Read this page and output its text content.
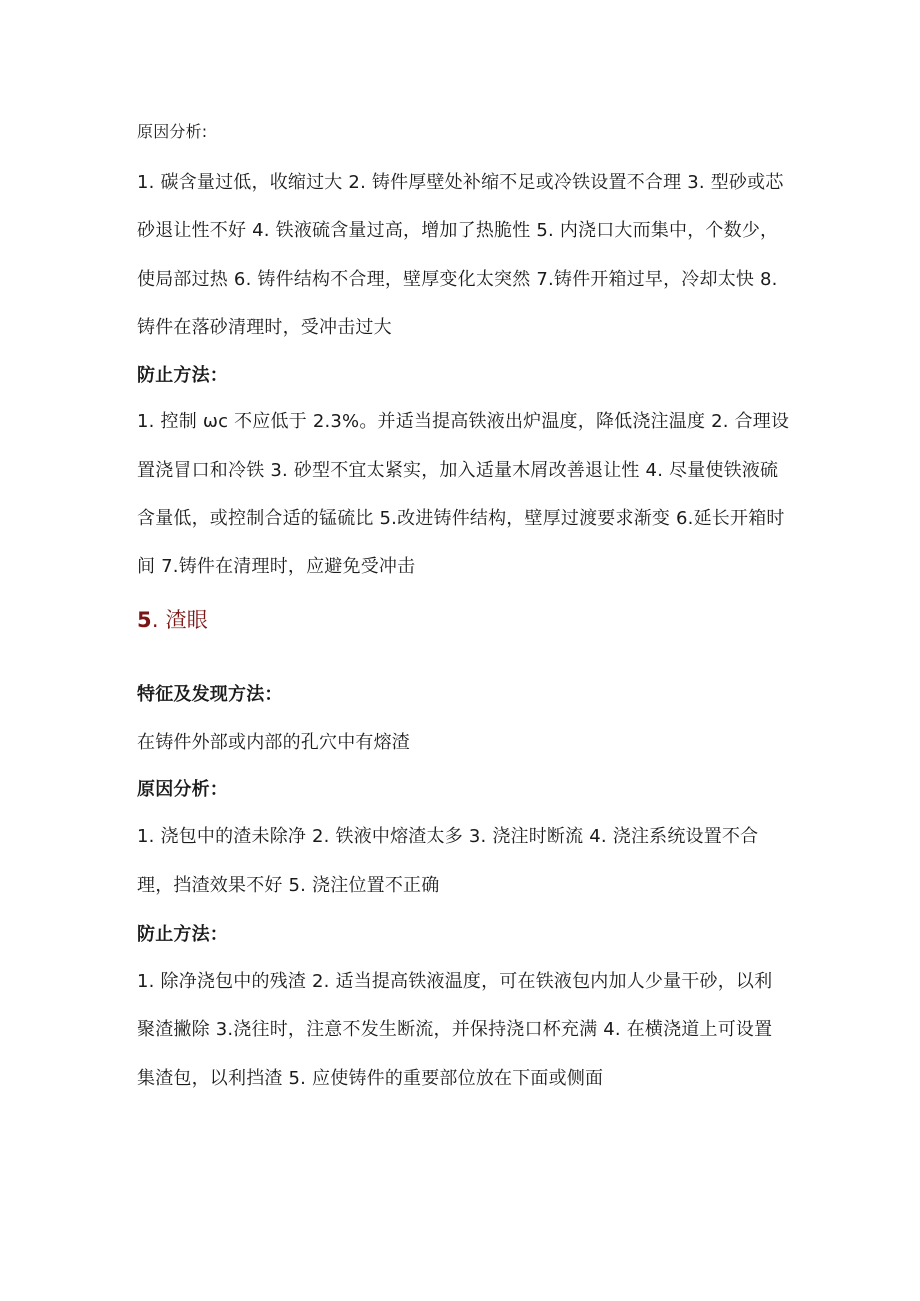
原因分析:
1. 碳含量过低，收缩过大 2. 铸件厚壁处补缩不足或冷铁设置不合理 3. 型砂或芯
砂退让性不好 4. 铁液硫含量过高，增加了热脆性 5. 内浇口大而集中，个数少，
使局部过热 6. 铸件结构不合理，壁厚变化太突然 7.铸件开箱过早，冷却太快 8.
铸件在落砂清理时，受冲击过大
防止方法：
1. 控制 ωc 不应低于 2.3%。并适当提高铁液出炉温度，降低浇注温度 2. 合理设
置浇冒口和冷铁 3. 砂型不宜太紧实，加入适量木屑改善退让性 4. 尽量使铁液硫
含量低，或控制合适的锰硫比 5.改进铸件结构，壁厚过渡要求渐变 6.延长开箱时
间 7.铸件在清理时，应避免受冲击
5. 渣眼
特征及发现方法：
在铸件外部或内部的孔穴中有熔渣
原因分析：
1. 浇包中的渣未除净 2. 铁液中熔渣太多 3. 浇注时断流 4. 浇注系统设置不合
理，挡渣效果不好 5. 浇注位置不正确
防止方法：
1. 除净浇包中的残渣 2. 适当提高铁液温度，可在铁液包内加人少量干砂，以利
聚渣撇除 3.浇往时，注意不发生断流，并保持浇口杯充满 4. 在横浇道上可设置
集渣包，以利挡渣 5. 应使铸件的重要部位放在下面或侧面
